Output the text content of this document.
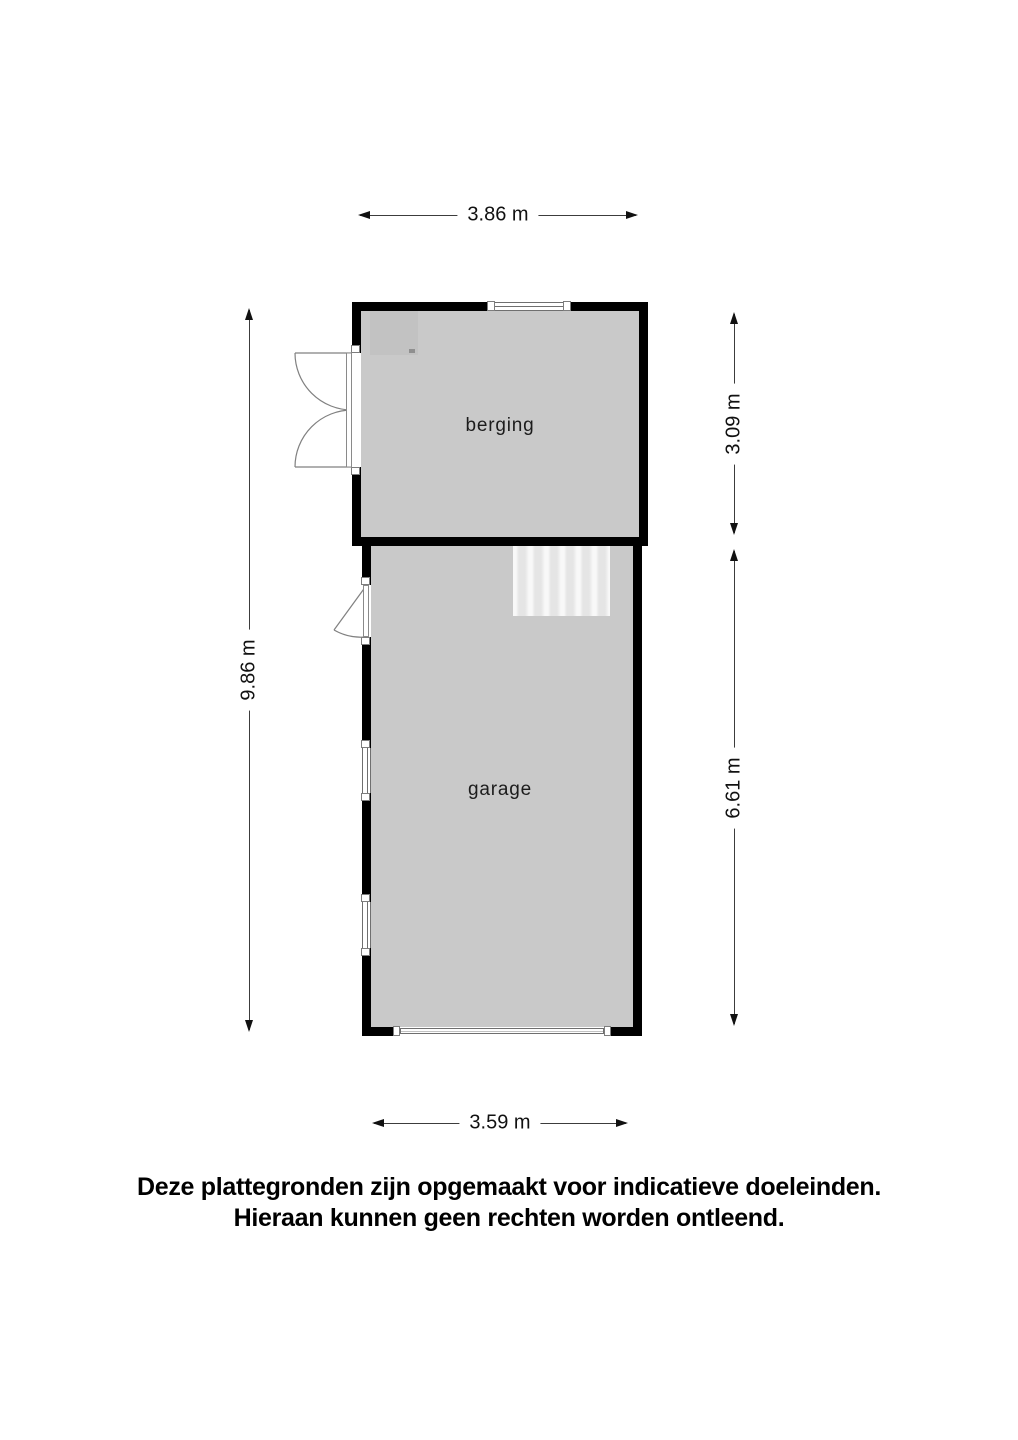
3.86 m
9.86 m
3.09 m
6.61 m
3.59 m
berging
garage
Deze plattegronden zijn opgemaakt voor indicatieve doeleinden.
Hieraan kunnen geen rechten worden ontleend.
